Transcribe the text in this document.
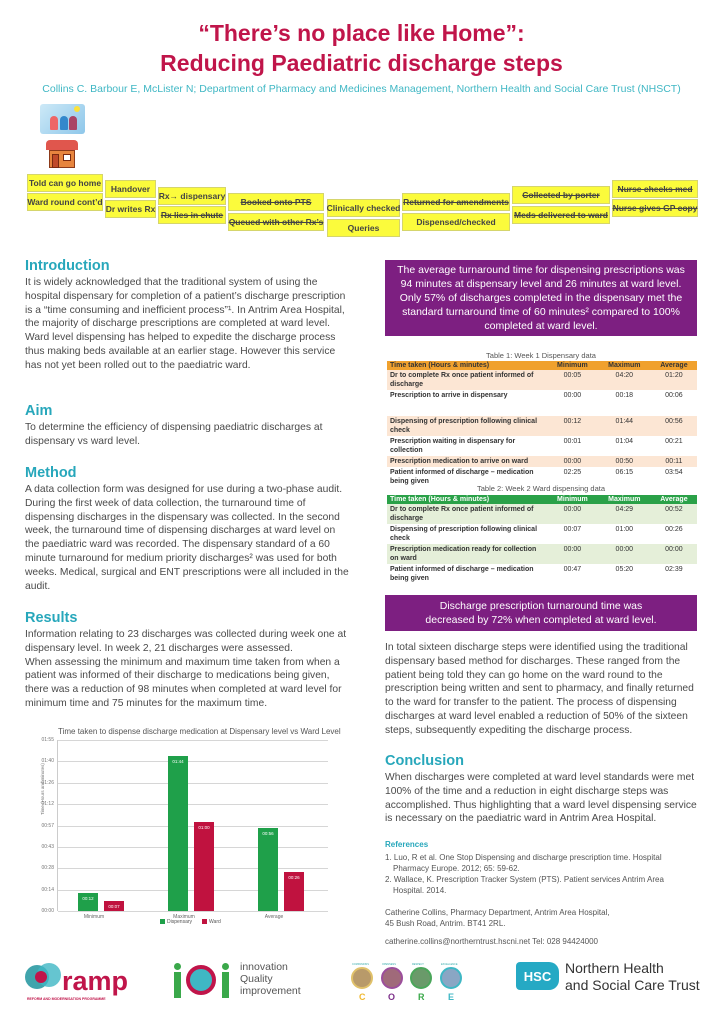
“There’s no place like Home”:
Reducing Paediatric discharge steps
Collins C. Barbour E, McLister N; Department of Pharmacy and Medicines Management, Northern Health and Social Care Trust (NHSCT)
Told can go home
Ward round cont’d
Handover
Dr writes Rx
Rx→ dispensary
Rx lies in chute
Booked onto PTS
Queued with other Rx’s
Clinically checked
Queries
Returned for amendments
Dispensed/checked
Collected by porter
Meds delivered to ward
Nurse checks med
Nurse gives GP copy
Introduction
It is widely acknowledged that the traditional system of using the hospital dispensary for completion of a patient’s discharge prescription is a “time consuming and inefficient process”¹. In Antrim Area Hospital, the majority of discharge prescriptions are completed at ward level. Ward level dispensing has helped to expedite the discharge process thus making beds available at an earlier stage. However this service has not yet been rolled out to the paediatric ward.
Aim
To determine the efficiency of dispensing paediatric discharges at dispensary vs ward level.
Method
A data collection form was designed for use during a two-phase audit. During the first week of data collection, the turnaround time of dispensing discharges in the dispensary was collected. In the second week, the turnaround time of dispensing discharges at ward level on the paediatric ward was recorded. The dispensary standard of a 60 minute turnaround for medium priority discharges² was used for both weeks. Medical, surgical and ENT prescriptions were all included in the audit.
Results
Information relating to 23 discharges was collected during week one at dispensary level. In week 2, 21 discharges were assessed.
When assessing the minimum and maximum time taken from when a patient was informed of their discharge to medications being given, there was a reduction of 98 minutes when completed at ward level for minimum time and 75 minutes for the maximum time.
Time taken to dispense discharge medication at Dispensary level vs Ward Level
01:55
01:40
01:26
01:12
00:57
00:43
00:28
00:14
00:00
Time (Hours and minutes)
00:12
00:07
01:44
01:00
00:56
00:26
Minimum	Maximum	Average
Dispensary	Ward
The average turnaround time for dispensing prescriptions was 94 minutes at dispensary level and 26 minutes at ward level. Only 57% of discharges completed in the dispensary met the standard turnaround time of 60 minutes² compared to 100% completed at ward level.
Table 1: Week 1 Dispensary data
Time taken (Hours & minutes)	Minimum	Maximum	Average
Dr to complete Rx once patient informed of discharge	00:05	04:20	01:20
Prescription to arrive in dispensary	00:00	00:18	00:06
Dispensing of prescription following clinical check	00:12	01:44	00:56
Prescription waiting in dispensary for collection	00:01	01:04	00:21
Prescription medication to arrive on ward	00:00	00:50	00:11
Patient informed of discharge – medication being given	02:25	06:15	03:54
Table 2: Week 2 Ward dispensing data
Time taken (Hours & minutes)	Minimum	Maximum	Average
Dr to complete Rx once patient informed of discharge	00:00	04:29	00:52
Dispensing of prescription following clinical check	00:07	01:00	00:26
Prescription medication ready for collection on ward	00:00	00:00	00:00
Patient informed of discharge – medication being given	00:47	05:20	02:39
Discharge prescription turnaround time was decreased by 72% when completed at ward level.
In total sixteen discharge steps were identified using the traditional dispensary based method for discharges. These ranged from the patient being told they can go home on the ward round to the prescription being written and sent to pharmacy, and finally returned to the ward for transfer to the patient. The process of dispensing discharges at ward level enabled a reduction of 50% of the sixteen steps, subsequently expediting the discharge process.
Conclusion
When discharges were completed at ward level standards were met 100% of the time and a reduction in eight discharge steps was accomplished. Thus highlighting that a ward level dispensing service is necessary on the paediatric ward in Antrim Area Hospital.
References
1. Luo, R et al. One Stop Dispensing and discharge prescription time. Hospital Pharmacy Europe. 2012; 65: 59-62.
2. Wallace, K. Prescription Tracker System (PTS). Patient services Antrim Area Hospital. 2014.
Catherine Collins, Pharmacy Department, Antrim Area Hospital,
45 Bush Road, Antrim. BT41 2RL.
catherine.collins@northerntrust.hscni.net Tel: 028 94424000
ramp
REFORM AND MODERNISATION PROGRAMME
innovation
Quality
improvement
COMPANIONS	OPENNESS	RESPECT	EXCELLENCE
C	O	R	E
HSC Northern Health
and Social Care Trust
